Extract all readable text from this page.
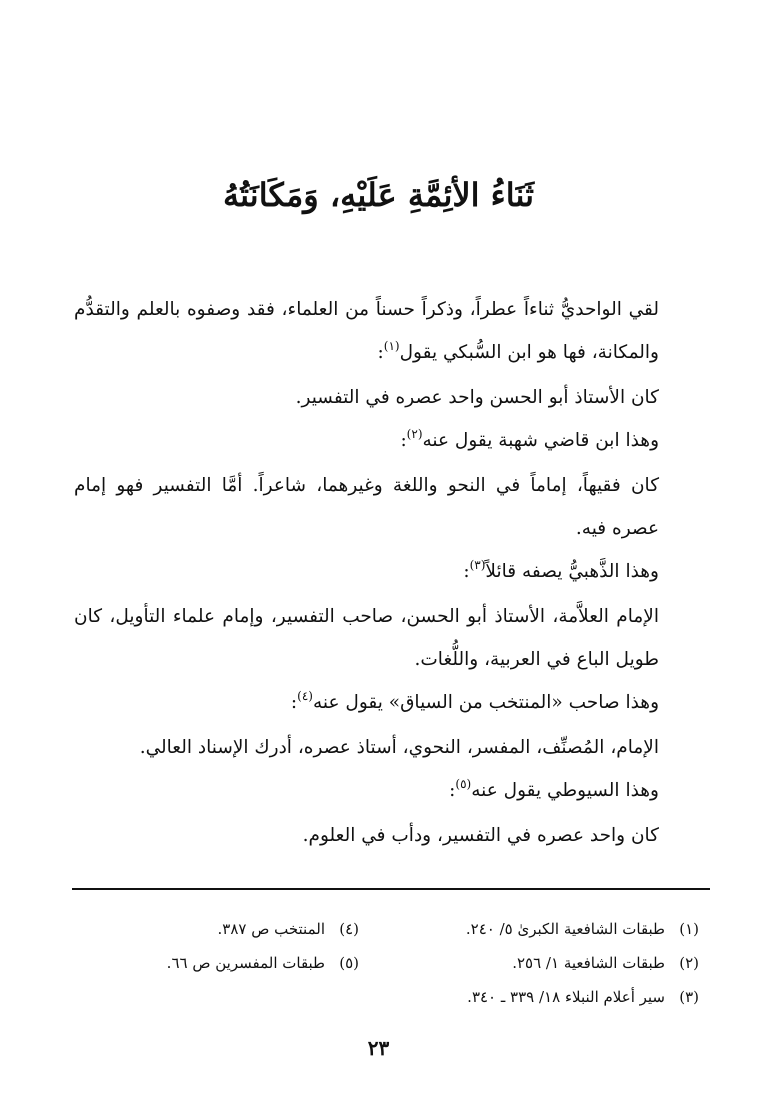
ثَنَاءُ الأئِمَّةِ عَلَيْهِ، وَمَكَانَتُهُ

لقي الواحديُّ ثناءاً عطراً، وذكراً حسناً من العلماء، فقد وصفوه بالعلم والتقدُّم والمكانة، فها هو ابن السُّبكي يقول$^{(١)}$:

كان الأستاذ أبو الحسن واحد عصره في التفسير.

وهذا ابن قاضي شهبة يقول عنه$^{(٢)}$:

كان فقيهاً، إماماً في النحو واللغة وغيرهما، شاعراً. أمَّا التفسير فهو إمام عصره فيه.

وهذا الذَّهبيُّ يصفه قائلاً$^{(٣)}$:

الإمام العلاَّمة، الأستاذ أبو الحسن، صاحب التفسير، وإمام علماء التأويل، كان طويل الباع في العربية، واللُّغات.

وهذا صاحب «المنتخب من السياق» يقول عنه$^{(٤)}$:

الإمام، المُصنِّف، المفسر، النحوي، أستاذ عصره، أدرك الإسناد العالي.

وهذا السيوطي يقول عنه$^{(٥)}$:

كان واحد عصره في التفسير، ودأب في العلوم.

(١)طبقات الشافعية الكبرىٰ ٥/ ٢٤٠.
(٢)طبقات الشافعية ١/ ٢٥٦.
(٣)سير أعلام النبلاء ١٨/ ٣٣٩ ـ ٣٤٠.
(٤)المنتخب ص ٣٨٧.
(٥)طبقات المفسرين ص ٦٦.
٢٣
